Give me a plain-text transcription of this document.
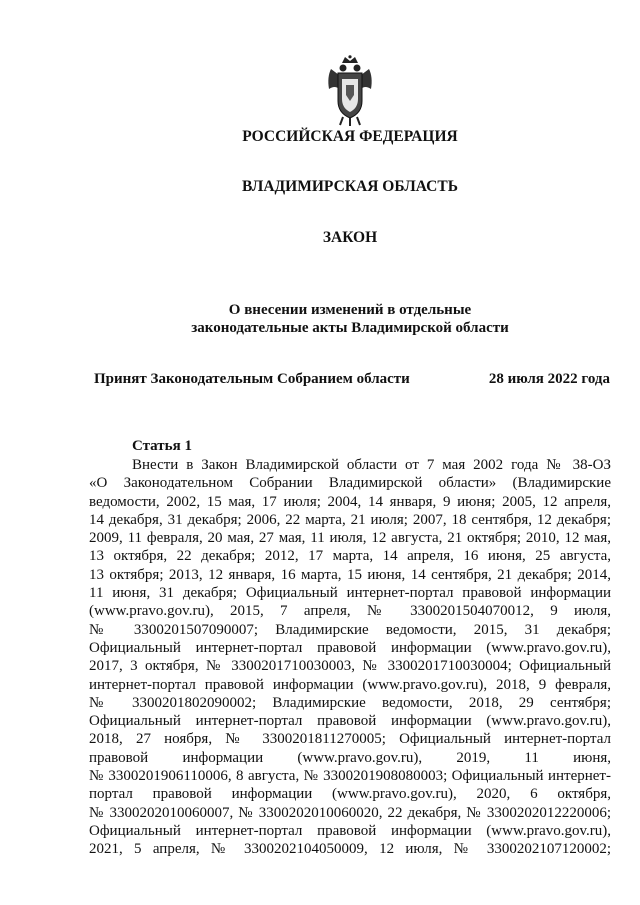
РОССИЙСКАЯ ФЕДЕРАЦИЯ
ВЛАДИМИРСКАЯ ОБЛАСТЬ
ЗАКОН
О внесении изменений в отдельные
законодательные акты Владимирской области
Принят Законодательным Собранием области	28 июля 2022 года
Статья 1
Внести в Закон Владимирской области от 7 мая 2002 года № 38-ОЗ
«О Законодательном Собрании Владимирской области» (Владимирские
ведомости, 2002, 15 мая, 17 июля; 2004, 14 января, 9 июня; 2005, 12 апреля,
14 декабря, 31 декабря; 2006, 22 марта, 21 июля; 2007, 18 сентября, 12 декабря;
2009, 11 февраля, 20 мая, 27 мая, 11 июля, 12 августа, 21 октября; 2010, 12 мая,
13 октября, 22 декабря; 2012, 17 марта, 14 апреля, 16 июня, 25 августа,
13 октября; 2013, 12 января, 16 марта, 15 июня, 14 сентября, 21 декабря; 2014,
11 июня, 31 декабря; Официальный интернет-портал правовой информации
(www.pravo.gov.ru), 2015, 7 апреля, № 3300201504070012, 9 июля,
№ 3300201507090007; Владимирские ведомости, 2015, 31 декабря;
Официальный интернет-портал правовой информации (www.pravo.gov.ru),
2017, 3 октября, № 3300201710030003, № 3300201710030004; Официальный
интернет-портал правовой информации (www.pravo.gov.ru), 2018, 9 февраля,
№ 3300201802090002; Владимирские ведомости, 2018, 29 сентября;
Официальный интернет-портал правовой информации (www.pravo.gov.ru),
2018, 27 ноября, № 3300201811270005; Официальный интернет-портал
правовой информации (www.pravo.gov.ru), 2019, 11 июня,
№ 3300201906110006, 8 августа, № 3300201908080003; Официальный интернет-
портал правовой информации (www.pravo.gov.ru), 2020, 6 октября,
№ 3300202010060007, № 3300202010060020, 22 декабря, № 3300202012220006;
Официальный интернет-портал правовой информации (www.pravo.gov.ru),
2021, 5 апреля, № 3300202104050009, 12 июля, № 3300202107120002;
